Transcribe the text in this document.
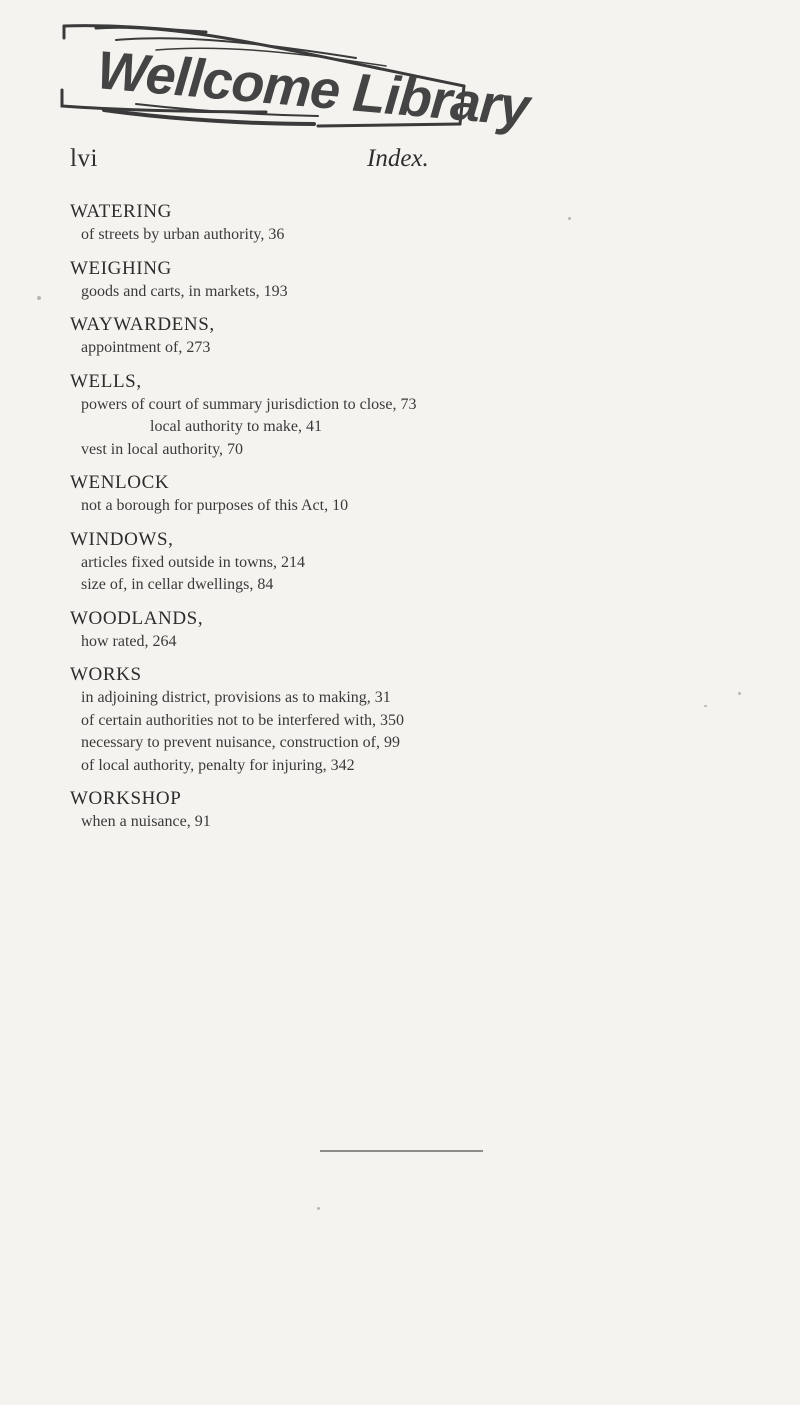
Wellcome Library
lvi	Index.
WATERING
of streets by urban authority, 36
WEIGHING
goods and carts, in markets, 193
WAYWARDENS,
appointment of, 273
WELLS,
powers of court of summary jurisdiction to close, 73
local authority to make, 41
vest in local authority, 70
WENLOCK
not a borough for purposes of this Act, 10
WINDOWS,
articles fixed outside in towns, 214
size of, in cellar dwellings, 84
WOODLANDS,
how rated, 264
WORKS
in adjoining district, provisions as to making, 31
of certain authorities not to be interfered with, 350
necessary to prevent nuisance, construction of, 99
of local authority, penalty for injuring, 342
WORKSHOP
when a nuisance, 91
